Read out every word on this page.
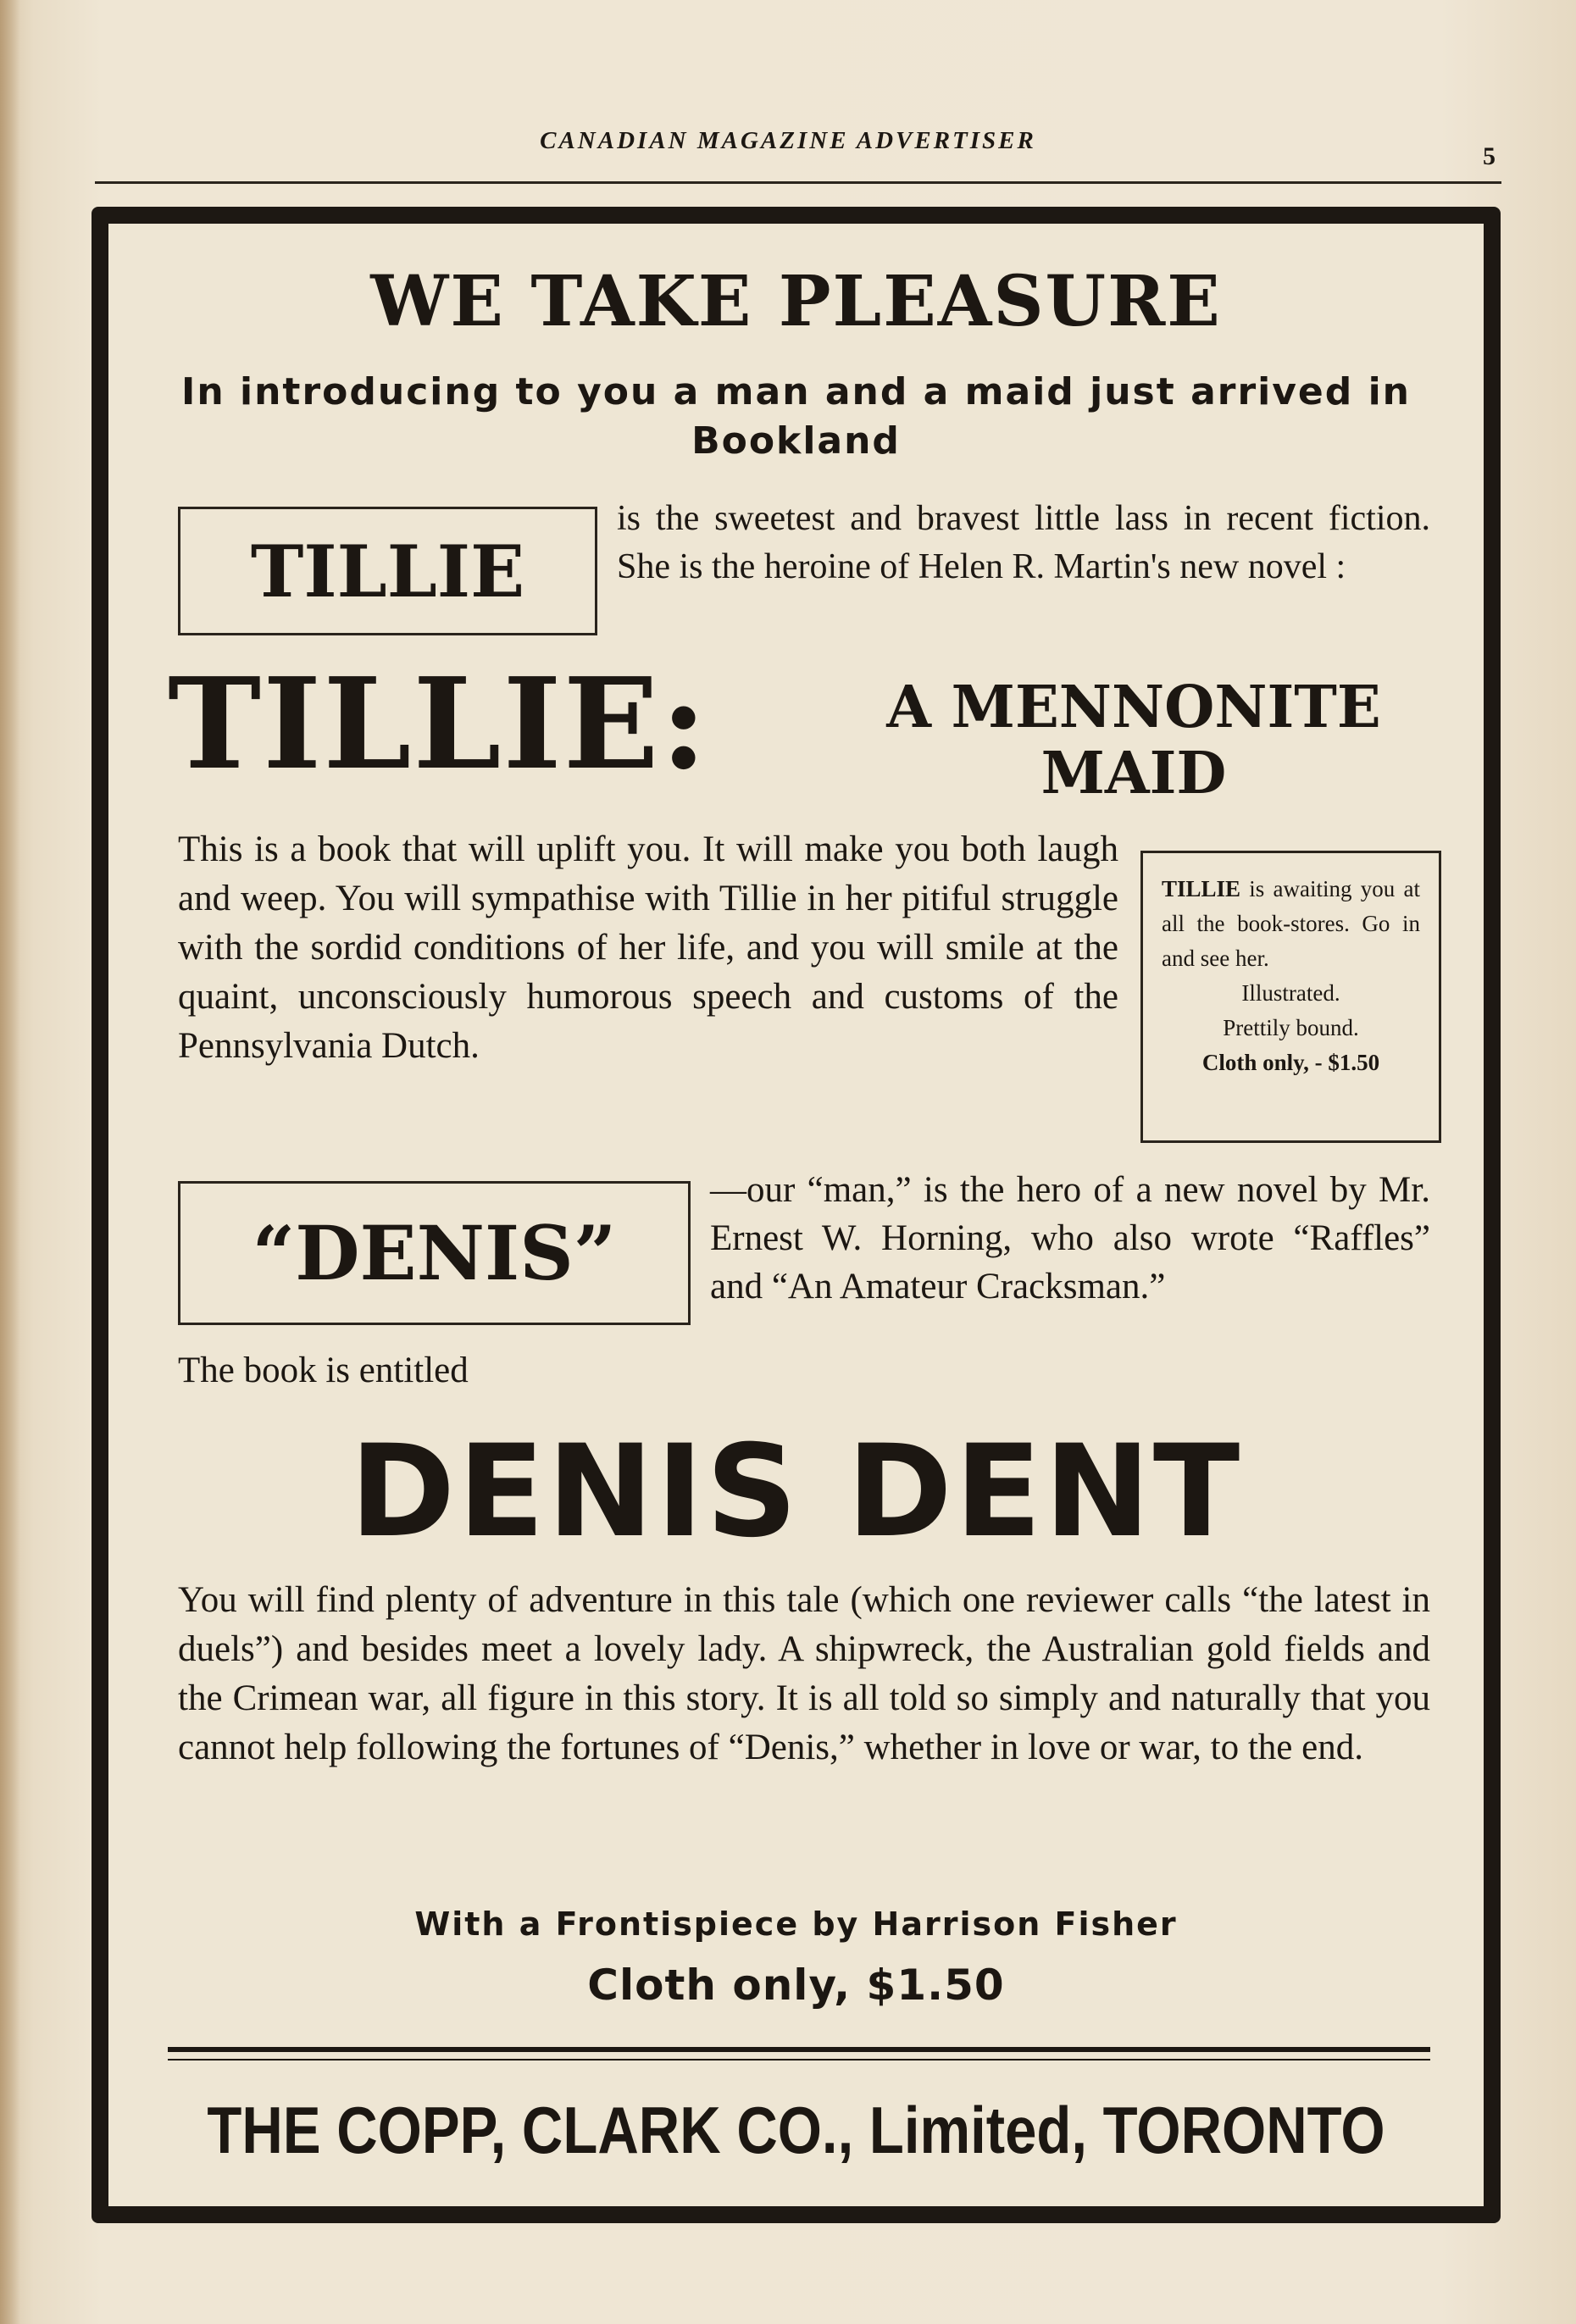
CANADIAN MAGAZINE ADVERTISER
5
WE TAKE PLEASURE
In introducing to you a man and a maid just arrived in Bookland
TILLIE
is the sweetest and bravest little lass in recent fiction. She is the heroine of Helen R. Martin's new novel :
TILLIE:	A MENNONITE MAID
This is a book that will uplift you. It will make you both laugh and weep. You will sympathise with Tillie in her pitiful struggle with the sordid conditions of her life, and you will smile at the quaint, unconsciously humorous speech and customs of the Pennsylvania Dutch.
TILLIE is awaiting you at all the book-stores. Go in and see her.
Illustrated.
Prettily bound.
Cloth only, - $1.50
“DENIS”
—our “man,” is the hero of a new novel by Mr. Ernest W. Horning, who also wrote “Raffles” and “An Amateur Cracksman.”
The book is entitled
DENIS DENT
You will find plenty of adventure in this tale (which one reviewer calls “the latest in duels”) and besides meet a lovely lady. A shipwreck, the Australian gold fields and the Crimean war, all figure in this story. It is all told so simply and naturally that you cannot help following the fortunes of “Denis,” whether in love or war, to the end.
With a Frontispiece by Harrison Fisher
Cloth only, $1.50
THE COPP, CLARK CO., Limited, TORONTO
